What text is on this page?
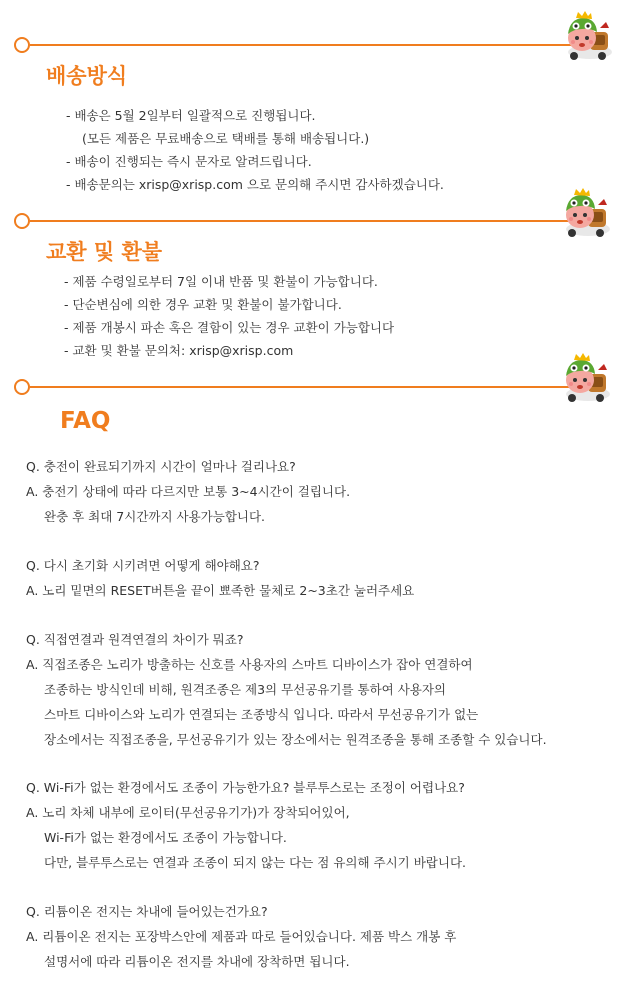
배송방식
- 배송은 5월 2일부터 일괄적으로 진행됩니다.
(모든 제품은 무료배송으로 택배를 통해 배송됩니다.)
- 배송이 진행되는 즉시 문자로 알려드립니다.
- 배송문의는 xrisp@xrisp.com 으로 문의해 주시면 감사하겠습니다.
교환 및 환불
- 제품 수령일로부터 7일 이내 반품 및 환불이 가능합니다.
- 단순변심에 의한 경우 교환 및 환불이 불가합니다.
- 제품 개봉시 파손 혹은 결함이 있는 경우 교환이 가능합니다
- 교환 및 환불 문의처: xrisp@xrisp.com
FAQ
Q. 충전이 완료되기까지 시간이 얼마나 걸리나요?
A. 충전기 상태에 따라 다르지만 보통 3~4시간이 걸립니다.
완충 후 최대 7시간까지 사용가능합니다.
Q. 다시 초기화 시키려면 어떻게 해야해요?
A. 노리 밑면의 RESET버튼을 끝이 뾰족한 물체로 2~3초간 눌러주세요
Q. 직접연결과 원격연결의 차이가 뭐죠?
A. 직접조종은 노리가 방출하는 신호를 사용자의 스마트 디바이스가 잡아 연결하여
조종하는 방식인데 비해, 원격조종은 제3의 무선공유기를 통하여 사용자의
스마트 디바이스와 노리가 연결되는 조종방식 입니다. 따라서 무선공유기가 없는
장소에서는 직접조종을, 무선공유기가 있는 장소에서는 원격조종을 통해 조종할 수 있습니다.
Q. Wi-Fi가 없는 환경에서도 조종이 가능한가요? 블루투스로는 조정이 어렵나요?
A. 노리 차체 내부에 로이터(무선공유기가)가 장착되어있어,
Wi-Fi가 없는 환경에서도 조종이 가능합니다.
다만, 블루투스로는 연결과 조종이 되지 않는 다는 점 유의해 주시기 바랍니다.
Q. 리튬이온 전지는 차내에 들어있는건가요?
A. 리튬이온 전지는 포장박스안에 제품과 따로 들어있습니다. 제품 박스 개봉 후
설명서에 따라 리튬이온 전지를 차내에 장착하면 됩니다.
